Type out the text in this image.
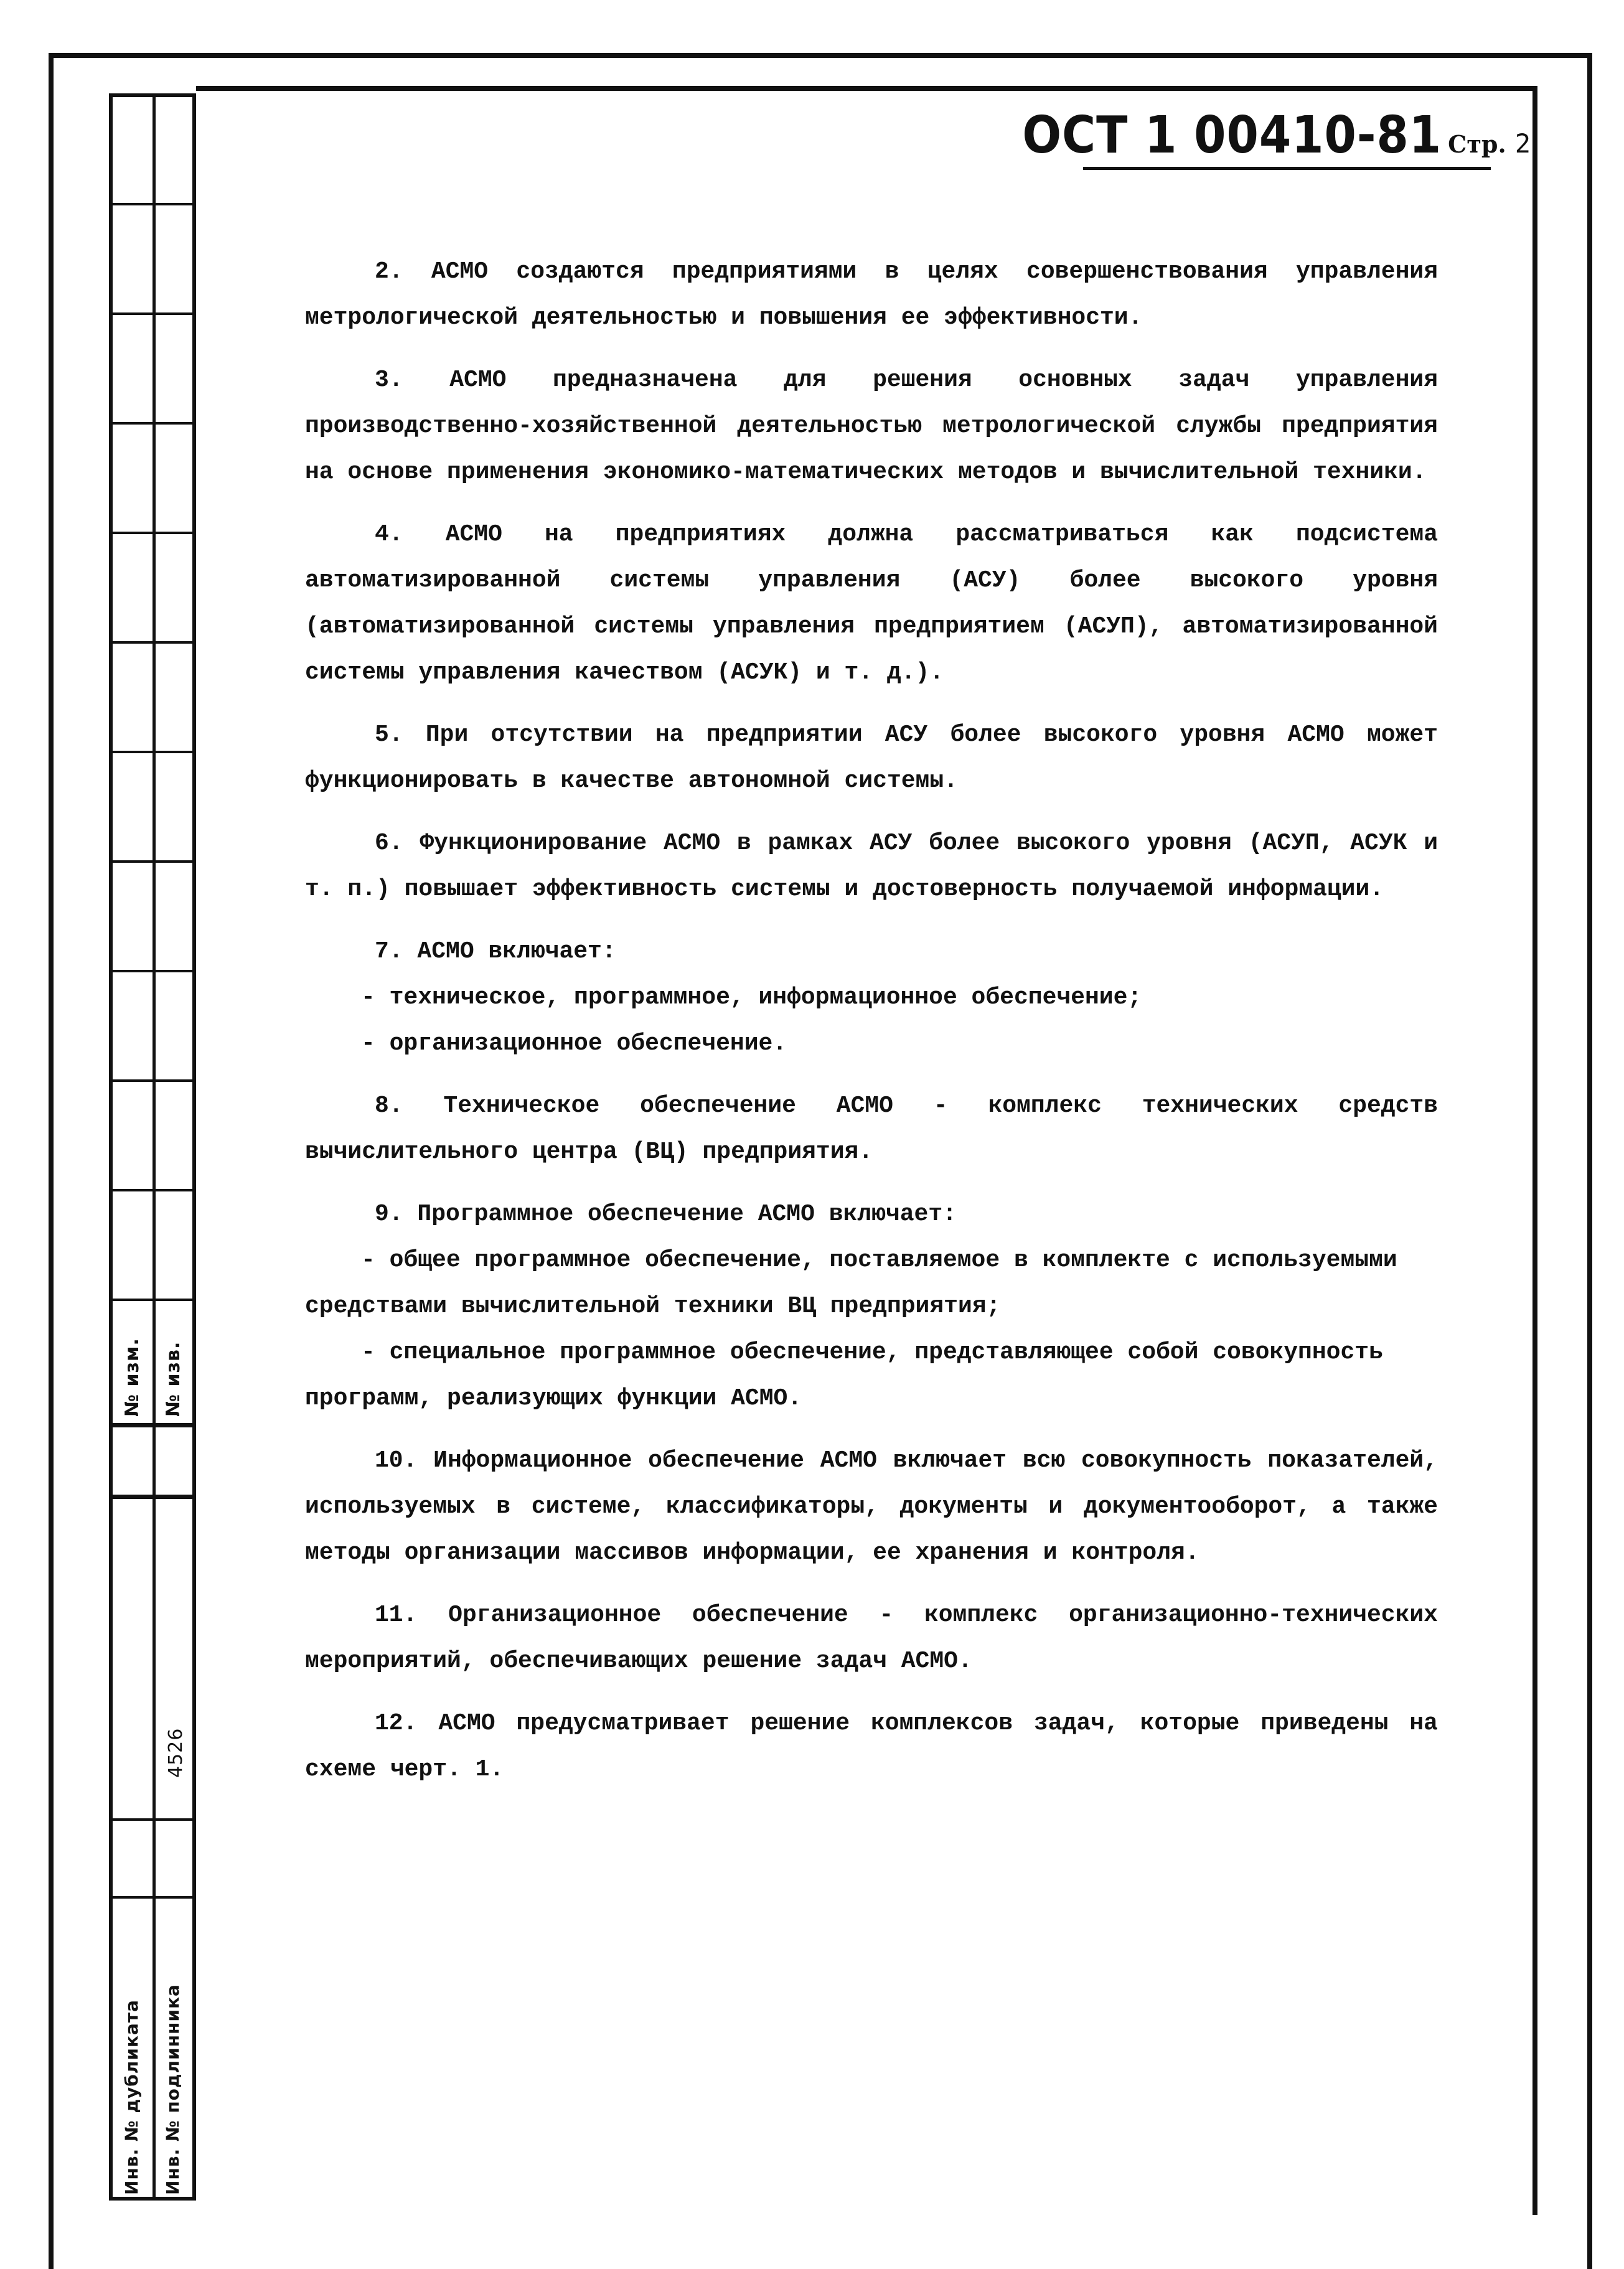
№ изм. № изв.
4526
Инв. № дубликата Инв. № подлинника
ОСТ 1 00410-81 Стр. 2

2. АСМО создаются предприятиями в целях совершенствования управления метрологической деятельностью и повышения ее эффективности.

3. АСМО предназначена для решения основных задач управления производственно-хозяйственной деятельностью метрологической службы предприятия на основе применения экономико-математических методов и вычислительной техники.

4. АСМО на предприятиях должна рассматриваться как подсистема автоматизированной системы управления (АСУ) более высокого уровня (автоматизированной системы управления предприятием (АСУП), автоматизированной системы управления качеством (АСУК) и т. д.).

5. При отсутствии на предприятии АСУ более высокого уровня АСМО может функционировать в качестве автономной системы.

6. Функционирование АСМО в рамках АСУ более высокого уровня (АСУП, АСУК и т. п.) повышает эффективность системы и достоверность получаемой информации.

7. АСМО включает:

- техническое, программное, информационное обеспечение;

- организационное обеспечение.

8. Техническое обеспечение АСМО - комплекс технических средств вычислительного центра (ВЦ) предприятия.

9. Программное обеспечение АСМО включает:

- общее программное обеспечение, поставляемое в комплекте с используемыми средствами вычислительной техники ВЦ предприятия;

- специальное программное обеспечение, представляющее собой совокупность программ, реализующих функции АСМО.

10. Информационное обеспечение АСМО включает всю совокупность показателей, используемых в системе, классификаторы, документы и документооборот, а также методы организации массивов информации, ее хранения и контроля.

11. Организационное обеспечение - комплекс организационно-технических мероприятий, обеспечивающих решение задач АСМО.

12. АСМО предусматривает решение комплексов задач, которые приведены на схеме черт. 1.
